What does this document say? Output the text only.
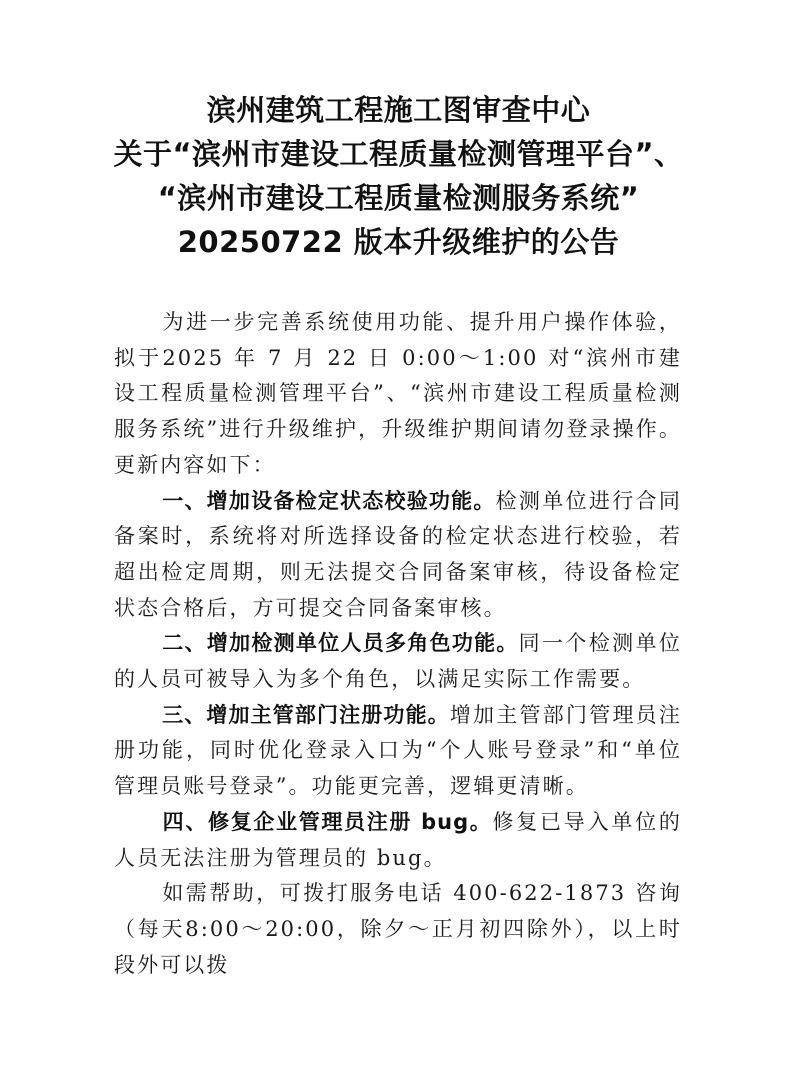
滨州建筑工程施工图审查中心
关于“滨州市建设工程质量检测管理平台”、
“滨州市建设工程质量检测服务系统”
20250722 版本升级维护的公告

为进一步完善系统使用功能、提升用户操作体验，拟于2025 年 7 月 22 日 0:00～1:00 对“滨州市建设工程质量检测管理平台”、“滨州市建设工程质量检测服务系统”进行升级维护，升级维护期间请勿登录操作。更新内容如下：

一、增加设备检定状态校验功能。检测单位进行合同备案时，系统将对所选择设备的检定状态进行校验，若超出检定周期，则无法提交合同备案审核，待设备检定状态合格后，方可提交合同备案审核。

二、增加检测单位人员多角色功能。同一个检测单位的人员可被导入为多个角色，以满足实际工作需要。

三、增加主管部门注册功能。增加主管部门管理员注册功能，同时优化登录入口为“个人账号登录”和“单位管理员账号登录”。功能更完善，逻辑更清晰。

四、修复企业管理员注册 bug。修复已导入单位的人员无法注册为管理员的 bug。

如需帮助，可拨打服务电话 400-622-1873 咨询（每天8:00～20:00，除夕～正月初四除外），以上时段外可以拨
